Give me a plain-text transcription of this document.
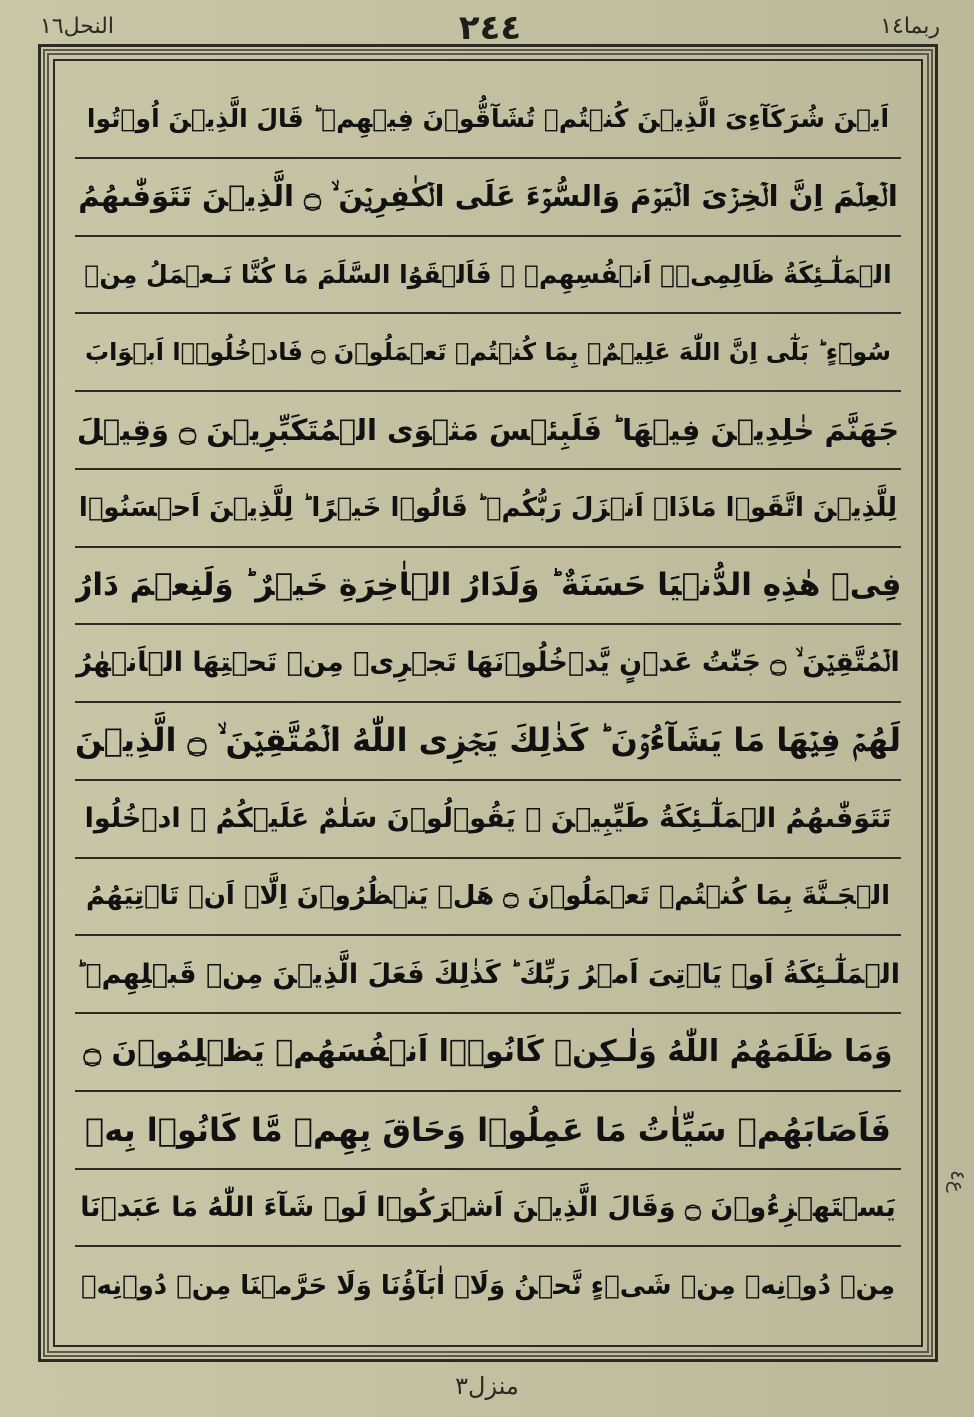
ربما١٤
٢٤٤
النحل١٦
اَيۡنَ شُرَكَآءِىَ الَّذِيۡنَ كُنۡتُمۡ تُشَآقُّوۡنَ فِيۡهِمۡ‌ ؕ قَالَ الَّذِيۡنَ اُوۡتُوا
الۡعِلۡمَ اِنَّ الۡخِزۡىَ الۡيَوۡمَ وَالسُّوۡٓءَ عَلَى الۡكٰفِرِيۡنَ ۙ ۝ الَّذِيۡنَ تَتَوَفّٰٮهُمُ
الۡمَلٰٓـئِكَةُ ظَالِمِىۡۤ اَنۡفُسِهِمۡ‌ ۖ فَاَلۡقَوُا السَّلَمَ مَا كُنَّا نَـعۡمَلُ مِنۡ
سُوۡٓءٍ‌ ؕ بَلٰٓى اِنَّ اللّٰهَ عَلِيۡمٌۢ بِمَا كُنۡتُمۡ تَعۡمَلُوۡنَ ۝ فَادۡخُلُوۡۤا اَبۡوَابَ
جَهَنَّمَ خٰلِدِيۡنَ فِيۡهَا ‌ؕ فَلَبِئۡسَ مَثۡوَى الۡمُتَكَبِّرِيۡنَ ۝ وَقِيۡلَ
لِلَّذِيۡنَ اتَّقَوۡا مَاذَاۤ اَنۡزَلَ رَبُّكُمۡ‌ ؕ قَالُوۡا خَيۡرًا‌ ؕ لِلَّذِيۡنَ اَحۡسَنُوۡا
فِىۡ هٰذِهِ الدُّنۡيَا حَسَنَةٌ‌ ؕ وَلَدَارُ الۡاٰخِرَةِ خَيۡرٌ‌ ؕ وَلَنِعۡمَ دَارُ
الۡمُتَّقِيۡنَ ۙ ۝ جَنّٰتُ عَدۡنٍ يَّدۡخُلُوۡنَهَا تَجۡرِىۡ مِنۡ تَحۡتِهَا الۡاَنۡهٰرُ
لَهُمۡ فِيۡهَا مَا يَشَآءُوۡنَ‌ ؕ كَذٰلِكَ يَجۡزِى اللّٰهُ الۡمُتَّقِيۡنَ ۙ ۝ الَّذِيۡنَ
تَتَوَفّٰٮهُمُ الۡمَلٰٓـئِكَةُ طَيِّبِيۡنَ‌ ۙ يَقُوۡلُوۡنَ سَلٰمٌ عَلَيۡكُمُ ۙ ادۡخُلُوا
الۡجَـنَّةَ بِمَا كُنۡتُمۡ تَعۡمَلُوۡنَ ۝ هَلۡ يَنۡظُرُوۡنَ اِلَّاۤ اَنۡ تَاۡتِيَهُمُ
الۡمَلٰٓـئِكَةُ اَوۡ يَاۡتِىَ اَمۡرُ رَبِّكَ‌ ؕ كَذٰلِكَ فَعَلَ الَّذِيۡنَ مِنۡ قَبۡلِهِمۡ‌ ؕ
وَمَا ظَلَمَهُمُ اللّٰهُ وَلٰـكِنۡ كَانُوۡۤا اَنۡفُسَهُمۡ يَظۡلِمُوۡنَ ۝
فَاَصَابَهُمۡ سَيِّاٰتُ مَا عَمِلُوۡا وَحَاقَ بِهِمۡ مَّا كَانُوۡا بِهٖ
يَسۡتَهۡزِءُوۡنَ ۝ وَقَالَ الَّذِيۡنَ اَشۡرَكُوۡا لَوۡ شَآءَ اللّٰهُ مَا عَبَدۡنَا
مِنۡ دُوۡنِهٖ مِنۡ شَىۡءٍ نَّحۡنُ وَلَاۤ اٰبَآؤُنَا وَلَا حَرَّمۡنَا مِنۡ دُوۡنِهٖ
ع٤
منزل٣
